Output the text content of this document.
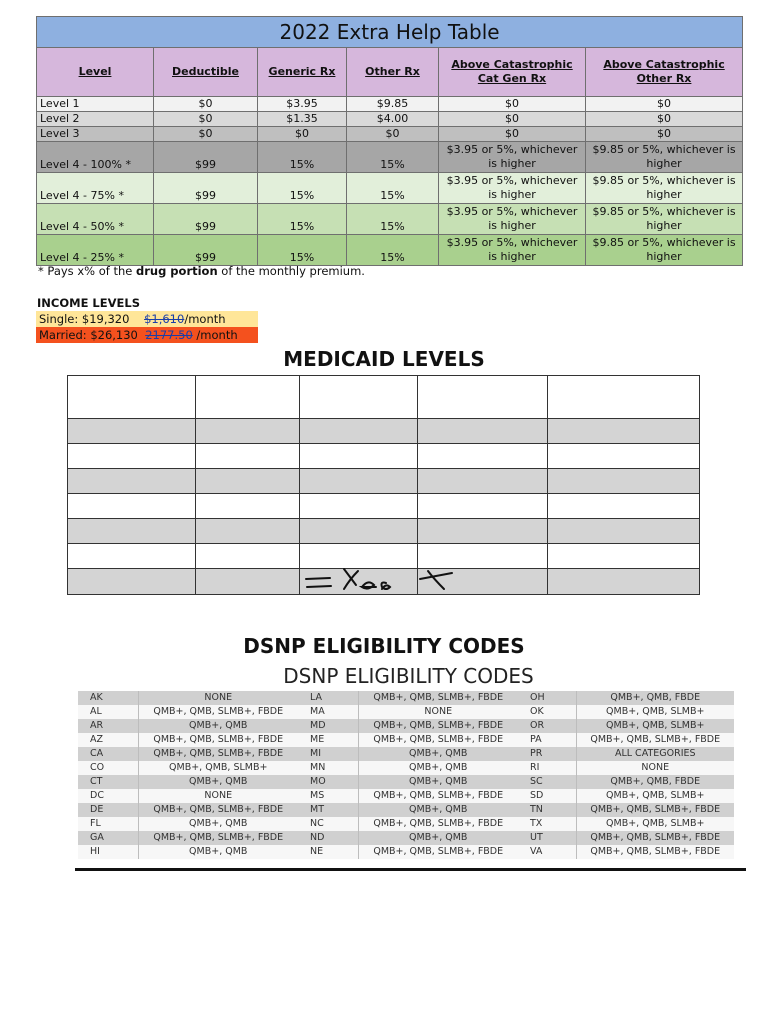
2022 Extra Help Table					
Level	Deductible	Generic Rx	Other Rx	Above Catastrophic Cat Gen Rx	Above Catastrophic Other Rx
Level 1	$0	$3.95	$9.85	$0	$0
Level 2	$0	$1.35	$4.00	$0	$0
Level 3	$0	$0	$0	$0	$0
Level 4 - 100% *	$99	15%	15%	$3.95 or 5%, whichever is higher	$9.85 or 5%, whichever is higher
Level 4 - 75% *	$99	15%	15%	$3.95 or 5%, whichever is higher	$9.85 or 5%, whichever is higher
Level 4 - 50% *	$99	15%	15%	$3.95 or 5%, whichever is higher	$9.85 or 5%, whichever is higher
Level 4 - 25% *	$99	15%	15%	$3.95 or 5%, whichever is higher	$9.85 or 5%, whichever is higher
* Pays x% of the drug portion of the monthly premium.
INCOME LEVELS
Single: $19,320 $1,610/month
Married: $26,130 2177.50 /month
MEDICAID LEVELS

DSNP ELIGIBILITY CODES
DSNP ELIGIBILITY CODES
AK	NONE	LA	QMB+, QMB, SLMB+, FBDE	OH	QMB+, QMB, FBDE
AL	QMB+, QMB, SLMB+, FBDE	MA	NONE	OK	QMB+, QMB, SLMB+
AR	QMB+, QMB	MD	QMB+, QMB, SLMB+, FBDE	OR	QMB+, QMB, SLMB+
AZ	QMB+, QMB, SLMB+, FBDE	ME	QMB+, QMB, SLMB+, FBDE	PA	QMB+, QMB, SLMB+, FBDE
CA	QMB+, QMB, SLMB+, FBDE	MI	QMB+, QMB	PR	ALL CATEGORIES
CO	QMB+, QMB, SLMB+	MN	QMB+, QMB	RI	NONE
CT	QMB+, QMB	MO	QMB+, QMB	SC	QMB+, QMB, FBDE
DC	NONE	MS	QMB+, QMB, SLMB+, FBDE	SD	QMB+, QMB, SLMB+
DE	QMB+, QMB, SLMB+, FBDE	MT	QMB+, QMB	TN	QMB+, QMB, SLMB+, FBDE
FL	QMB+, QMB	NC	QMB+, QMB, SLMB+, FBDE	TX	QMB+, QMB, SLMB+
GA	QMB+, QMB, SLMB+, FBDE	ND	QMB+, QMB	UT	QMB+, QMB, SLMB+, FBDE
HI	QMB+, QMB	NE	QMB+, QMB, SLMB+, FBDE	VA	QMB+, QMB, SLMB+, FBDE
